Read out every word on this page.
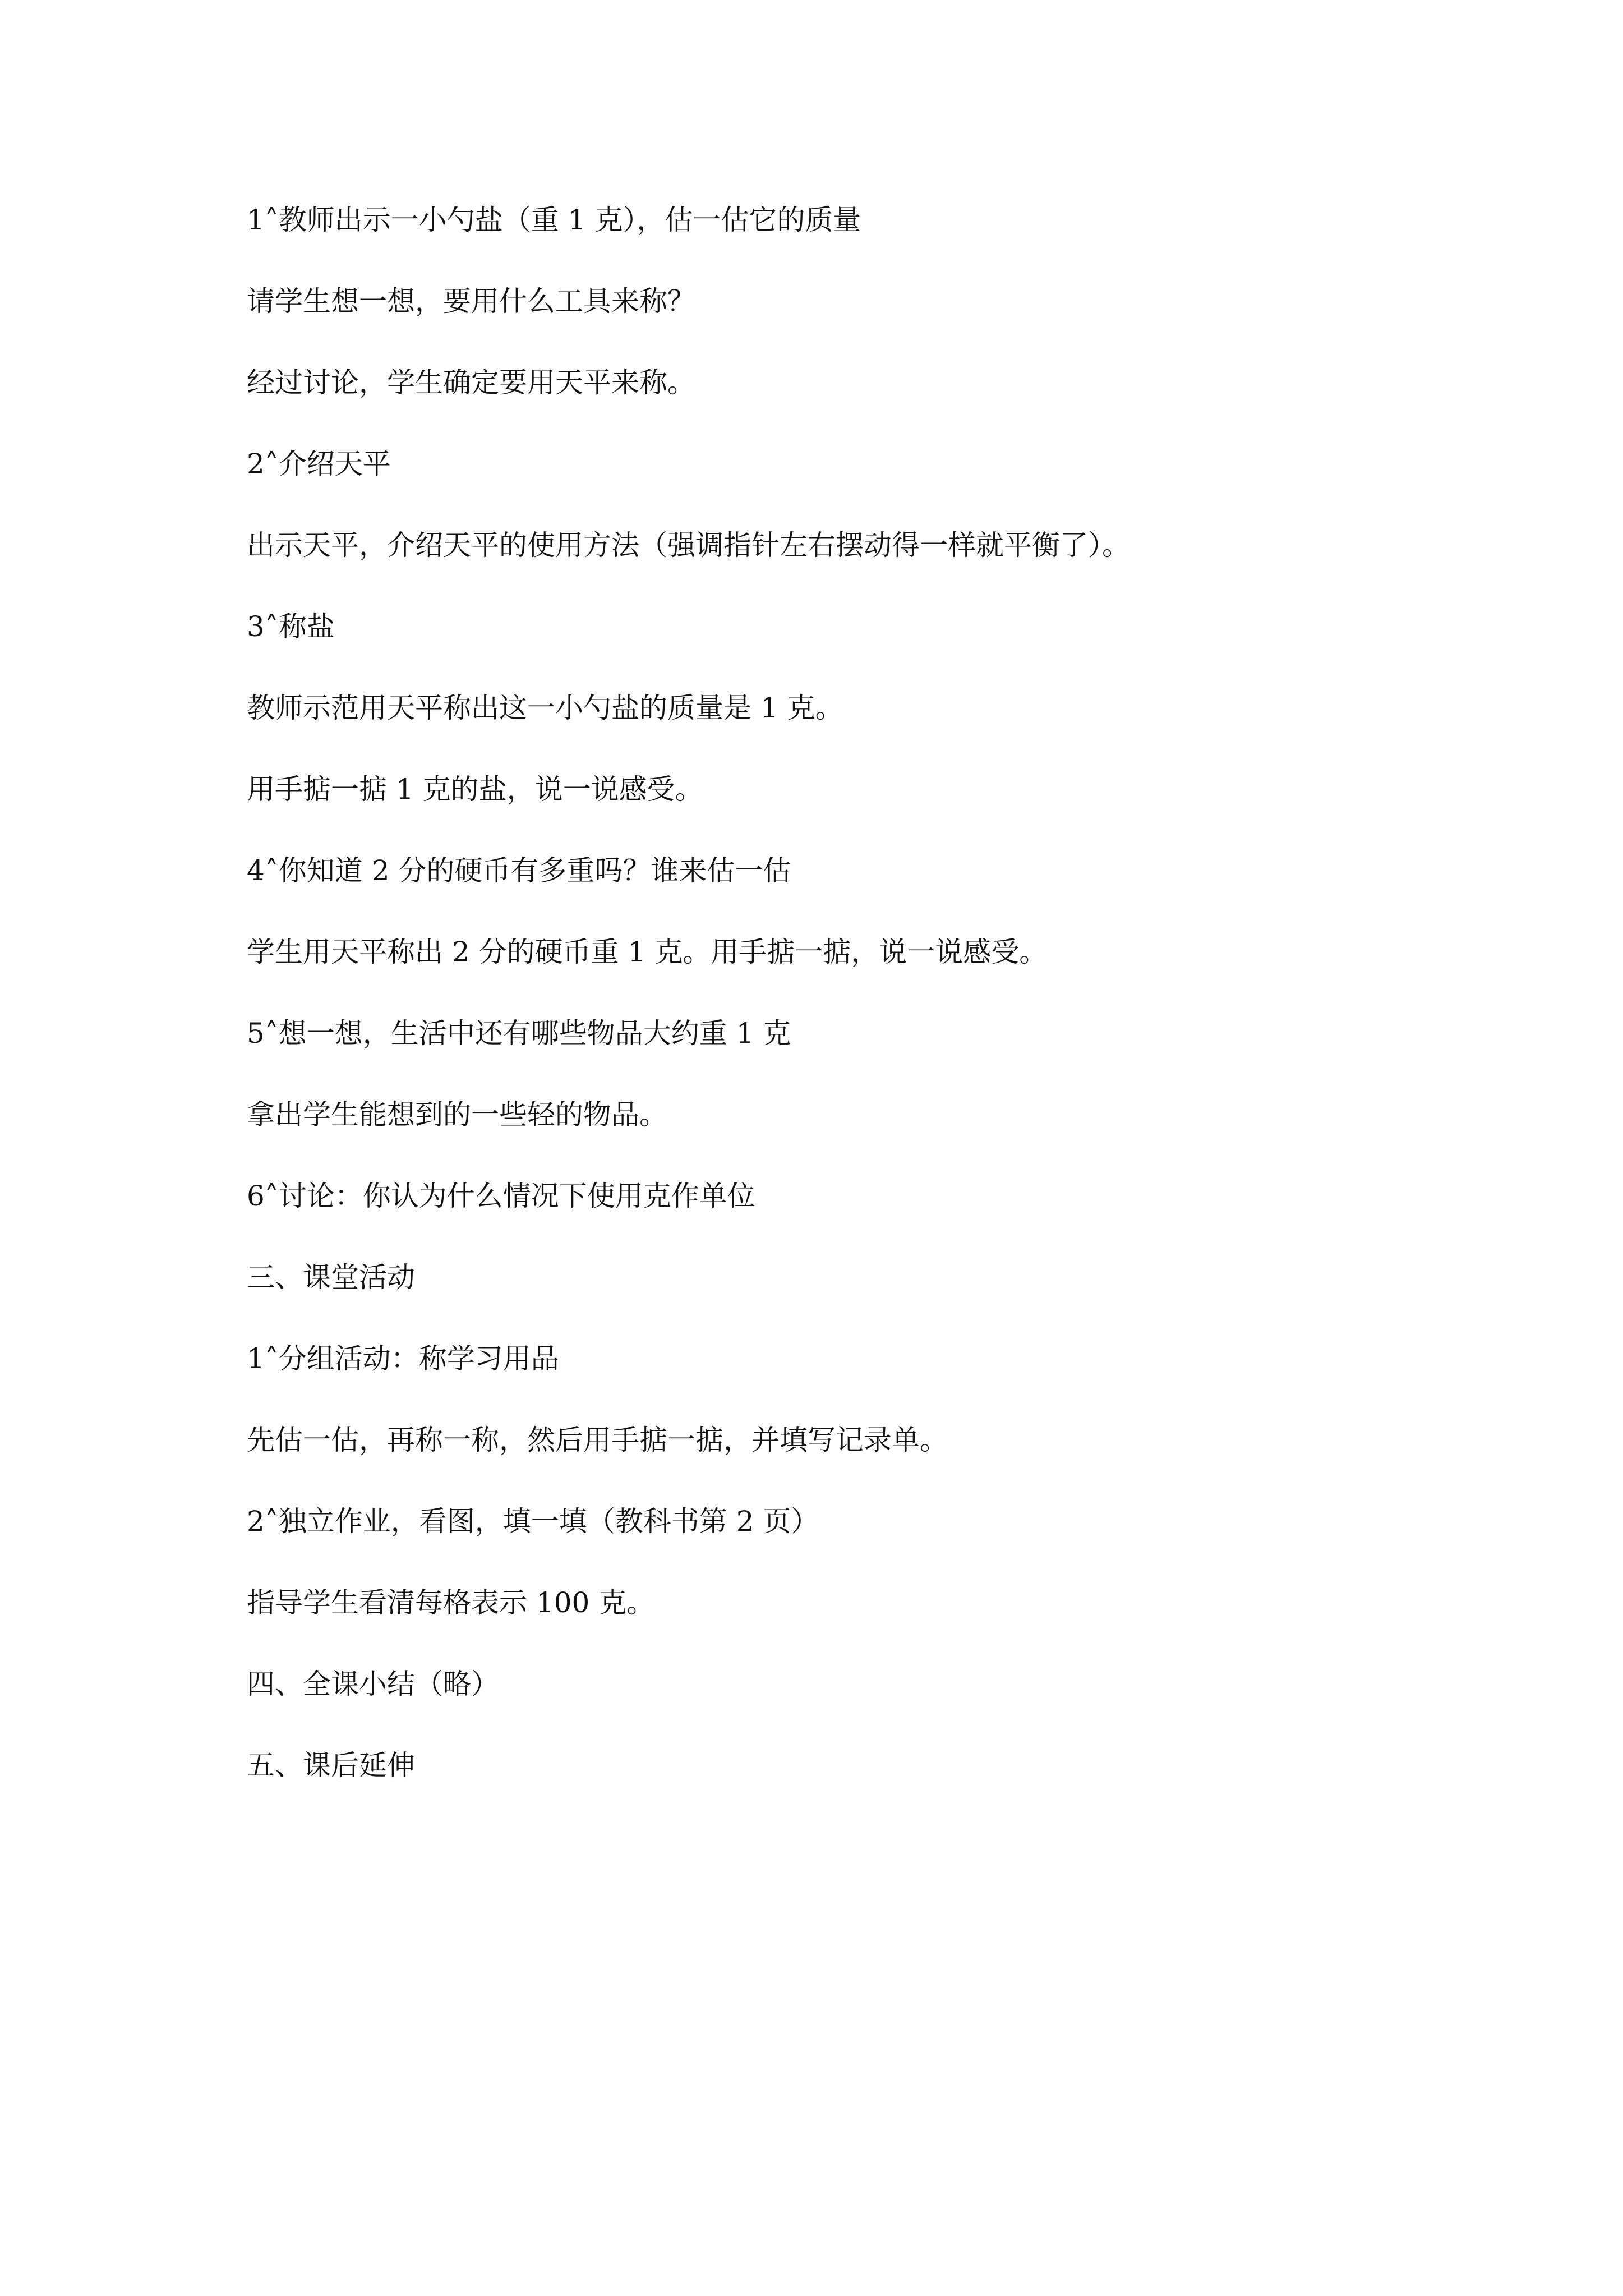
1˄教师出示一小勺盐（重 1 克），估一估它的质量
请学生想一想，要用什么工具来称？
经过讨论，学生确定要用天平来称。
2˄介绍天平
出示天平，介绍天平的使用方法（强调指针左右摆动得一样就平衡了）。
3˄称盐
教师示范用天平称出这一小勺盐的质量是 1 克。
用手掂一掂 1 克的盐，说一说感受。
4˄你知道 2 分的硬币有多重吗？谁来估一估
学生用天平称出 2 分的硬币重 1 克。用手掂一掂，说一说感受。
5˄想一想，生活中还有哪些物品大约重 1 克
拿出学生能想到的一些轻的物品。
6˄讨论：你认为什么情况下使用克作单位
三、课堂活动
1˄分组活动：称学习用品
先估一估，再称一称，然后用手掂一掂，并填写记录单。
2˄独立作业，看图，填一填（教科书第 2 页）
指导学生看清每格表示 100 克。
四、全课小结（略）
五、课后延伸
